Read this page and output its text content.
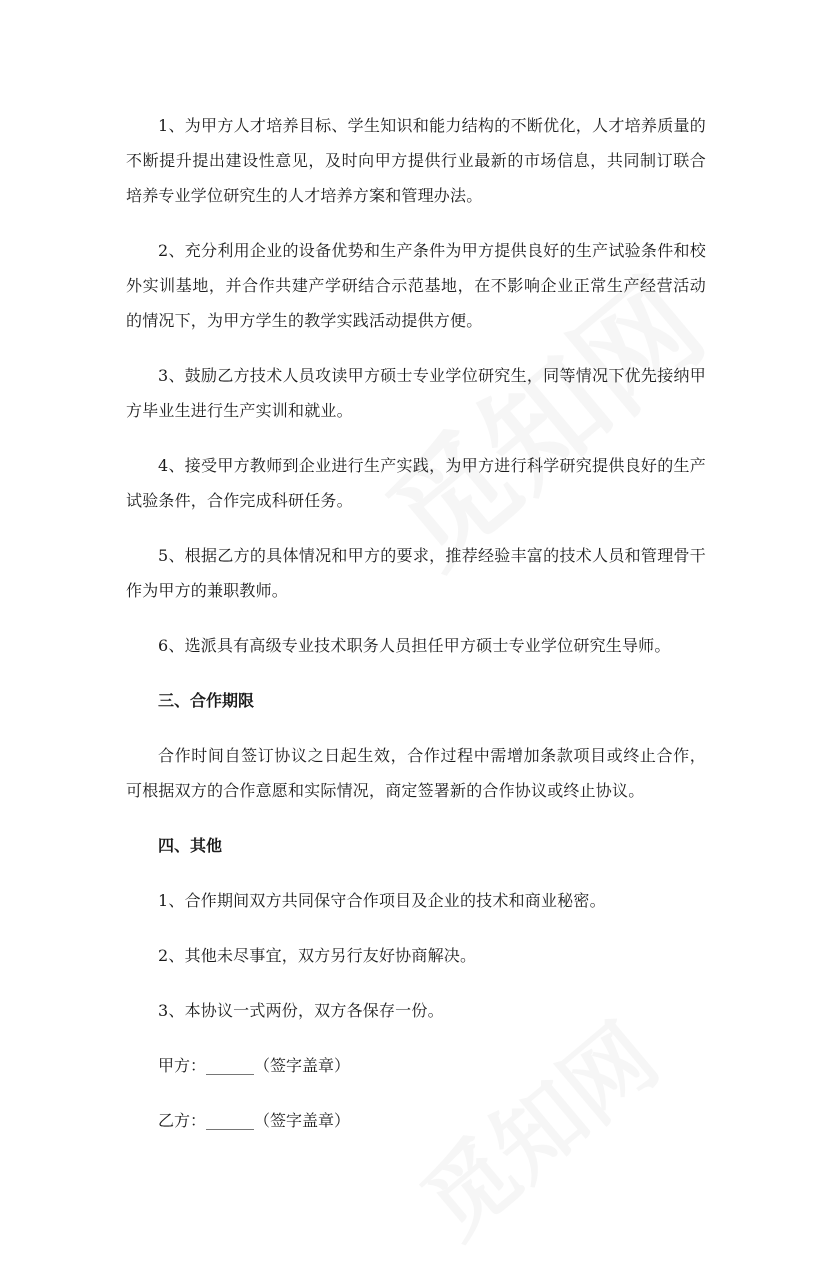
1、为甲方人才培养目标、学生知识和能力结构的不断优化，人才培养质量的不断提升提出建设性意见，及时向甲方提供行业最新的市场信息，共同制订联合培养专业学位研究生的人才培养方案和管理办法。

2、充分利用企业的设备优势和生产条件为甲方提供良好的生产试验条件和校外实训基地，并合作共建产学研结合示范基地，在不影响企业正常生产经营活动的情况下，为甲方学生的教学实践活动提供方便。

3、鼓励乙方技术人员攻读甲方硕士专业学位研究生，同等情况下优先接纳甲方毕业生进行生产实训和就业。

4、接受甲方教师到企业进行生产实践，为甲方进行科学研究提供良好的生产试验条件，合作完成科研任务。

5、根据乙方的具体情况和甲方的要求，推荐经验丰富的技术人员和管理骨干作为甲方的兼职教师。

6、选派具有高级专业技术职务人员担任甲方硕士专业学位研究生导师。

三、合作期限

合作时间自签订协议之日起生效，合作过程中需增加条款项目或终止合作，可根据双方的合作意愿和实际情况，商定签署新的合作协议或终止协议。

四、其他

1、合作期间双方共同保守合作项目及企业的技术和商业秘密。

2、其他未尽事宜，双方另行友好协商解决。

3、本协议一式两份，双方各保存一份。

甲方：______（签字盖章）

乙方：______（签字盖章）
